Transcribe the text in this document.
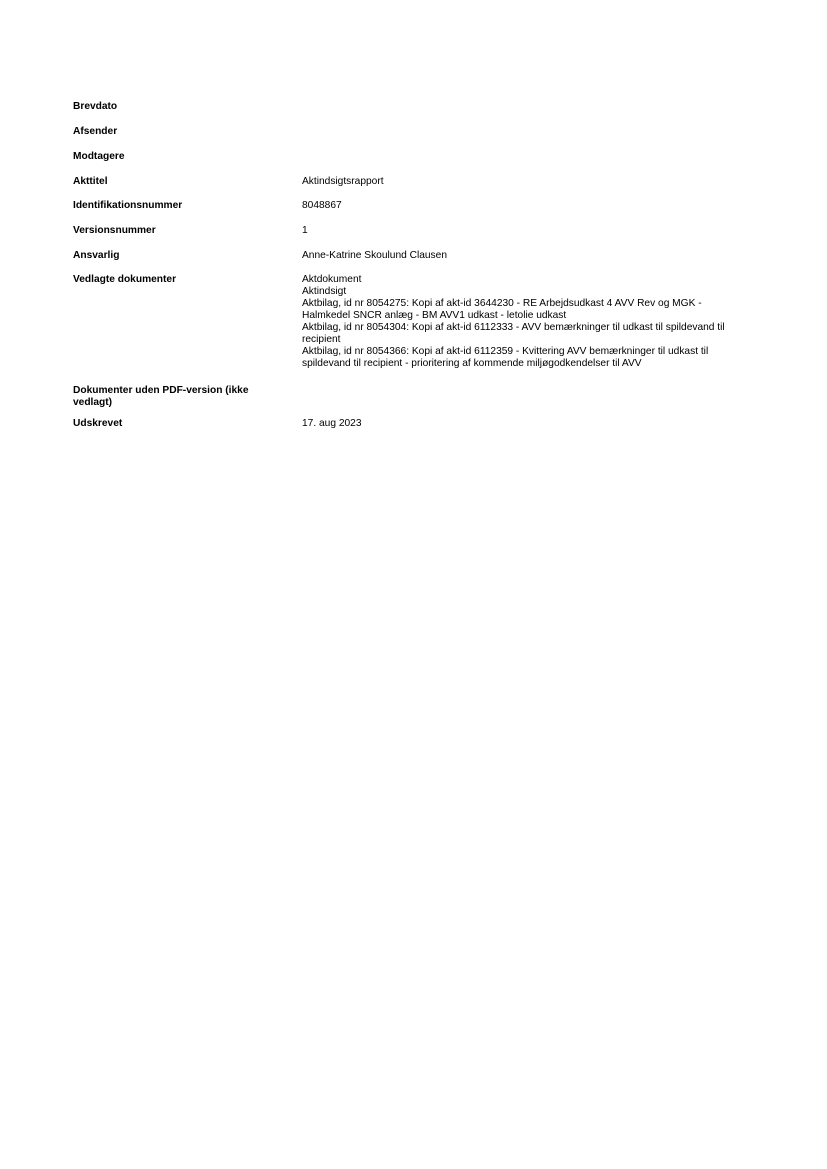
Brevdato
Afsender
Modtagere
Akttitel	Aktindsigtsrapport
Identifikationsnummer	8048867
Versionsnummer	1
Ansvarlig	Anne-Katrine Skoulund Clausen
Vedlagte dokumenter	Aktdokument
Aktindsigt
Aktbilag, id nr 8054275: Kopi af akt-id 3644230 - RE Arbejdsudkast 4 AVV Rev og MGK -
Halmkedel SNCR anlæg - BM AVV1 udkast - letolie udkast
Aktbilag, id nr 8054304: Kopi af akt-id 6112333 - AVV bemærkninger til udkast til spildevand til
recipient
Aktbilag, id nr 8054366: Kopi af akt-id 6112359 - Kvittering AVV bemærkninger til udkast til
spildevand til recipient - prioritering af kommende miljøgodkendelser til AVV
Dokumenter uden PDF-version (ikke
vedlagt)
Udskrevet	17. aug 2023
